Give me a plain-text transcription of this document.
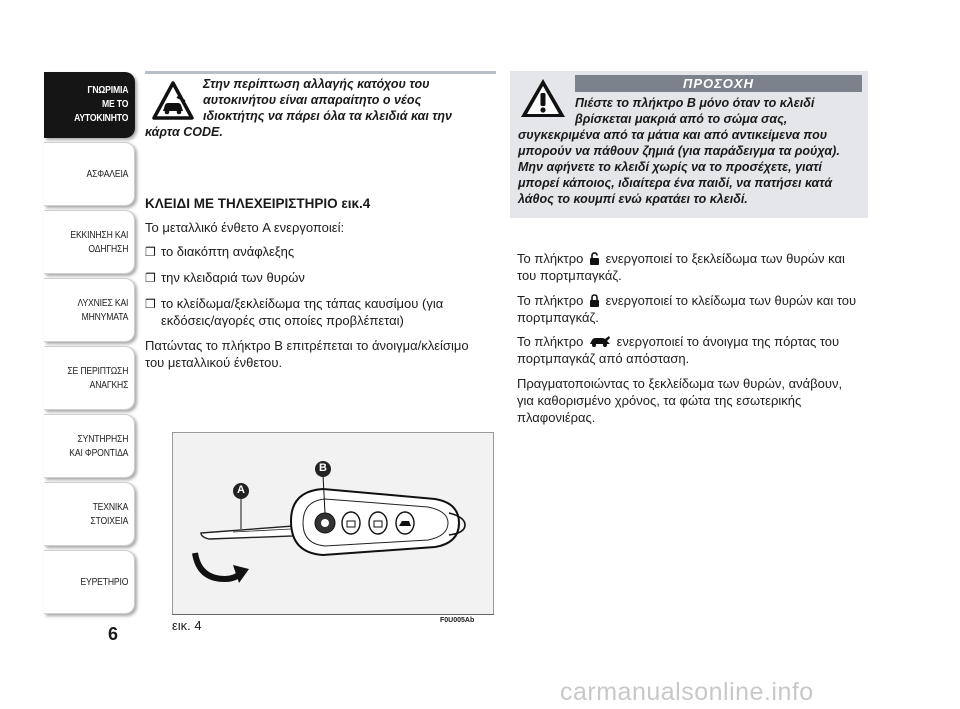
ΓΝΩΡΙΜΙΑ
ΜΕ ΤΟ
ΑΥΤΟΚΙΝΗΤΟ
ΑΣΦΑΛΕΙΑ
ΕΚΚΙΝΗΣΗ ΚΑΙ
ΟΔΗΓΗΣΗ
ΛΥΧΝΙΕΣ ΚΑΙ
ΜΗΝΥΜΑΤΑ
ΣΕ ΠΕΡΙΠΤΩΣΗ
ΑΝΑΓΚΗΣ
ΣΥΝΤΗΡΗΣΗ
ΚΑΙ ΦΡΟΝΤΙΔΑ
ΤΕΧΝΙΚΑ
ΣΤΟΙΧΕΙΑ
ΕΥΡΕΤΗΡΙΟ
6
Στην περίπτωση αλλαγής κατόχου του
αυτοκινήτου είναι απαραίτητο ο νέος
ιδιοκτήτης να πάρει όλα τα κλειδιά και την
κάρτα CODE.
ΚΛΕΙΔΙ ΜΕ ΤΗΛΕΧΕΙΡΙΣΤΗΡΙΟ εικ.4
Το μεταλλικό ένθετο A ενεργοποιεί:
❒ το διακόπτη ανάφλεξης
❒ την κλειδαριά των θυρών
❒ το κλείδωμα/ξεκλείδωμα της τάπας καυσίμου (για
εκδόσεις/αγορές στις οποίες προβλέπεται)
Πατώντας το πλήκτρο B επιτρέπεται το άνοιγμα/κλείσιμο
του μεταλλικού ένθετου.
A
B
εικ. 4	F0U005Ab
ΠΡΟΣΟΧΗ
Πιέστε το πλήκτρο B μόνο όταν το κλειδί
βρίσκεται μακριά από το σώμα σας,
συγκεκριμένα από τα μάτια και από αντικείμενα που
μπορούν να πάθουν ζημιά (για παράδειγμα τα ρούχα).
Μην αφήνετε το κλειδί χωρίς να το προσέχετε, γιατί
μπορεί κάποιος, ιδιαίτερα ένα παιδί, να πατήσει κατά
λάθος το κουμπί ενώ κρατάει το κλειδί.
Το πλήκτρο ενεργοποιεί το ξεκλείδωμα των θυρών και
του πορτμπαγκάζ.
Το πλήκτρο ενεργοποιεί το κλείδωμα των θυρών και του
πορτμπαγκάζ.
Το πλήκτρο	ενεργοποιεί το άνοιγμα της πόρτας του
πορτμπαγκάζ από απόσταση.
Πραγματοποιώντας το ξεκλείδωμα των θυρών, ανάβουν,
για καθορισμένο χρόνος, τα φώτα της εσωτερικής
πλαφονιέρας.
carmanualsonline.info
